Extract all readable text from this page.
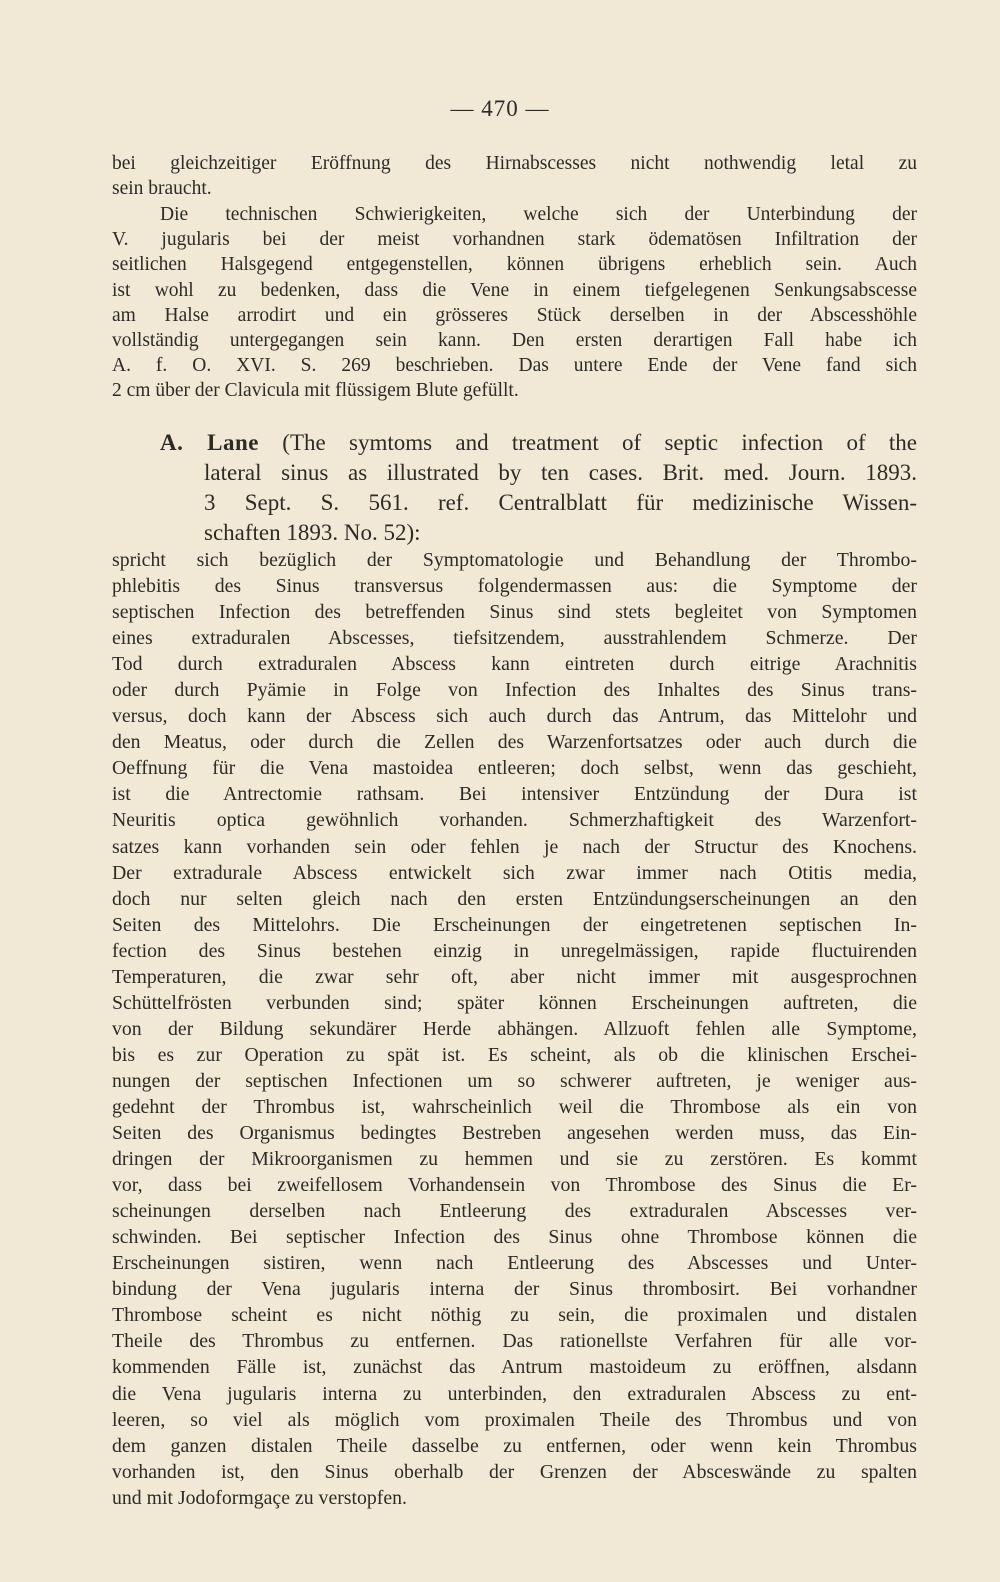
— 470 —
bei gleichzeitiger Eröffnung des Hirnabscesses nicht nothwendig letal zu
sein braucht.
Die technischen Schwierigkeiten, welche sich der Unterbindung der
V. jugularis bei der meist vorhandnen stark ödematösen Infiltration der
seitlichen Halsgegend entgegenstellen, können übrigens erheblich sein. Auch
ist wohl zu bedenken, dass die Vene in einem tiefgelegenen Senkungsabscesse
am Halse arrodirt und ein grösseres Stück derselben in der Abscesshöhle
vollständig untergegangen sein kann. Den ersten derartigen Fall habe ich
A. f. O. XVI. S. 269 beschrieben. Das untere Ende der Vene fand sich
2 cm über der Clavicula mit flüssigem Blute gefüllt.
A. Lane (The symtoms and treatment of septic infection of the
lateral sinus as illustrated by ten cases. Brit. med. Journ. 1893.
3 Sept. S. 561. ref. Centralblatt für medizinische Wissen-
schaften 1893. No. 52):
spricht sich bezüglich der Symptomatologie und Behandlung der Thrombo-
phlebitis des Sinus transversus folgendermassen aus: die Symptome der
septischen Infection des betreffenden Sinus sind stets begleitet von Symptomen
eines extraduralen Abscesses, tiefsitzendem, ausstrahlendem Schmerze. Der
Tod durch extraduralen Abscess kann eintreten durch eitrige Arachnitis
oder durch Pyämie in Folge von Infection des Inhaltes des Sinus trans-
versus, doch kann der Abscess sich auch durch das Antrum, das Mittelohr und
den Meatus, oder durch die Zellen des Warzenfortsatzes oder auch durch die
Oeffnung für die Vena mastoidea entleeren; doch selbst, wenn das geschieht,
ist die Antrectomie rathsam. Bei intensiver Entzündung der Dura ist
Neuritis optica gewöhnlich vorhanden. Schmerzhaftigkeit des Warzenfort-
satzes kann vorhanden sein oder fehlen je nach der Structur des Knochens.
Der extradurale Abscess entwickelt sich zwar immer nach Otitis media,
doch nur selten gleich nach den ersten Entzündungserscheinungen an den
Seiten des Mittelohrs. Die Erscheinungen der eingetretenen septischen In-
fection des Sinus bestehen einzig in unregelmässigen, rapide fluctuirenden
Temperaturen, die zwar sehr oft, aber nicht immer mit ausgesprochnen
Schüttelfrösten verbunden sind; später können Erscheinungen auftreten, die
von der Bildung sekundärer Herde abhängen. Allzuoft fehlen alle Symptome,
bis es zur Operation zu spät ist. Es scheint, als ob die klinischen Erschei-
nungen der septischen Infectionen um so schwerer auftreten, je weniger aus-
gedehnt der Thrombus ist, wahrscheinlich weil die Thrombose als ein von
Seiten des Organismus bedingtes Bestreben angesehen werden muss, das Ein-
dringen der Mikroorganismen zu hemmen und sie zu zerstören. Es kommt
vor, dass bei zweifellosem Vorhandensein von Thrombose des Sinus die Er-
scheinungen derselben nach Entleerung des extraduralen Abscesses ver-
schwinden. Bei septischer Infection des Sinus ohne Thrombose können die
Erscheinungen sistiren, wenn nach Entleerung des Abscesses und Unter-
bindung der Vena jugularis interna der Sinus thrombosirt. Bei vorhandner
Thrombose scheint es nicht nöthig zu sein, die proximalen und distalen
Theile des Thrombus zu entfernen. Das rationellste Verfahren für alle vor-
kommenden Fälle ist, zunächst das Antrum mastoideum zu eröffnen, alsdann
die Vena jugularis interna zu unterbinden, den extraduralen Abscess zu ent-
leeren, so viel als möglich vom proximalen Theile des Thrombus und von
dem ganzen distalen Theile dasselbe zu entfernen, oder wenn kein Thrombus
vorhanden ist, den Sinus oberhalb der Grenzen der Absceswände zu spalten
und mit Jodoformgaçe zu verstopfen.
